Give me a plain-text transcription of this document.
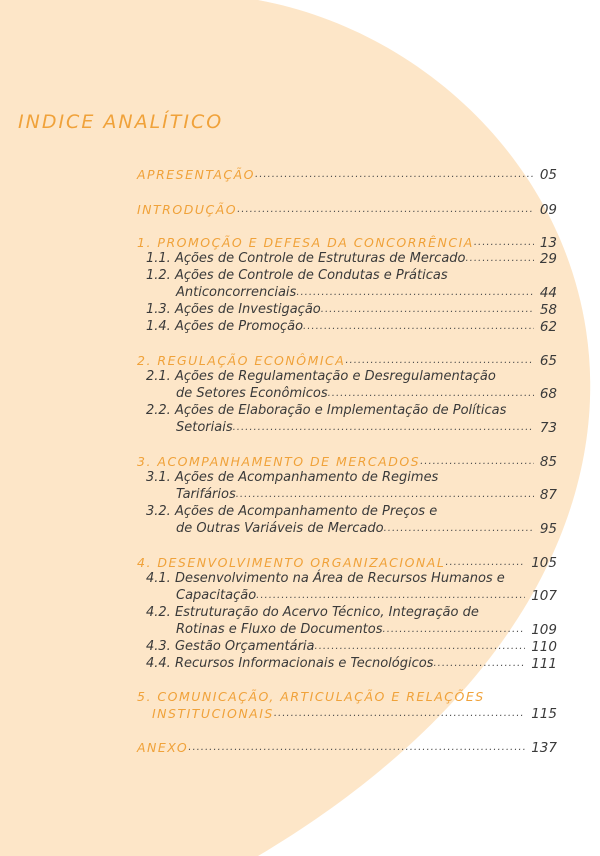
INDICE ANALÍTICO
APRESENTAÇÃO .....	05
INTRODUÇÃO .....	09
1. PROMOÇÃO E DEFESA DA CONCORRÊNCIA .....	13
1.1. Ações de Controle de Estruturas de Mercado .....	29
1.2. Ações de Controle de Condutas e Práticas
Anticoncorrenciais .....	44
1.3. Ações de Investigação .....	58
1.4. Ações de Promoção .....	62
2. REGULAÇÃO ECONÔMICA .....	65
2.1. Ações de Regulamentação e Desregulamentação
de Setores Econômicos .....	68
2.2. Ações de Elaboração e Implementação de Políticas
Setoriais .....	73
3. ACOMPANHAMENTO DE MERCADOS .....	85
3.1. Ações de Acompanhamento de Regimes
Tarifários .....	87
3.2. Ações de Acompanhamento de Preços e
de Outras Variáveis de Mercado .....	95
4. DESENVOLVIMENTO ORGANIZACIONAL .....	105
4.1. Desenvolvimento na Área de Recursos Humanos e
Capacitação .....	107
4.2. Estruturação do Acervo Técnico, Integração de
Rotinas e Fluxo de Documentos .....	109
4.3. Gestão Orçamentária .....	110
4.4. Recursos Informacionais e Tecnológicos .....	111
5. COMUNICAÇÃO, ARTICULAÇÃO E RELAÇÕES
INSTITUCIONAIS .....	115
ANEXO .....	137
